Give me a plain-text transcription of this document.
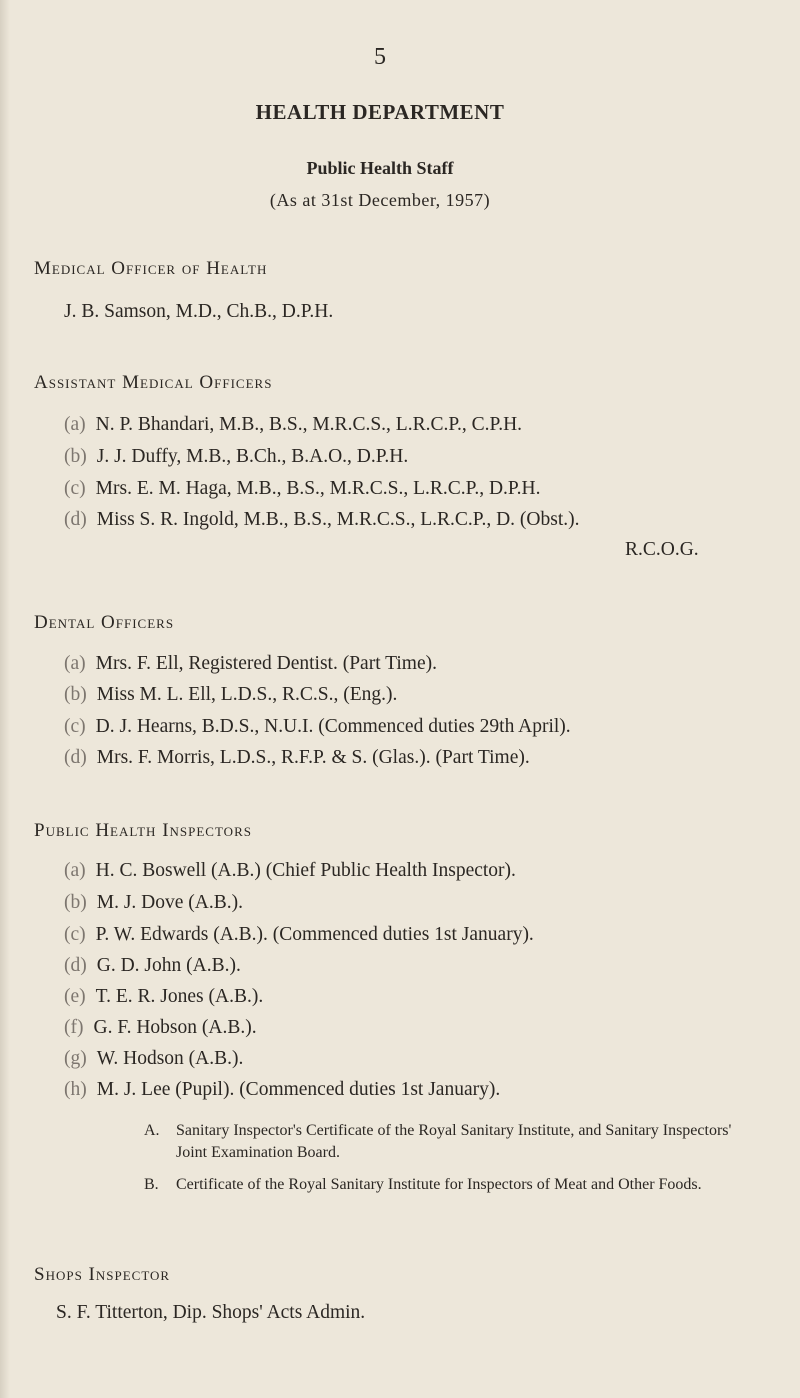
5
HEALTH DEPARTMENT
Public Health Staff
(As at 31st December, 1957)
Medical Officer of Health
J. B. Samson, M.D., Ch.B., D.P.H.
Assistant Medical Officers
(a) N. P. Bhandari, M.B., B.S., M.R.C.S., L.R.C.P., C.P.H.
(b) J. J. Duffy, M.B., B.Ch., B.A.O., D.P.H.
(c) Mrs. E. M. Haga, M.B., B.S., M.R.C.S., L.R.C.P., D.P.H.
(d) Miss S. R. Ingold, M.B., B.S., M.R.C.S., L.R.C.P., D. (Obst.).
R.C.O.G.
Dental Officers
(a) Mrs. F. Ell, Registered Dentist. (Part Time).
(b) Miss M. L. Ell, L.D.S., R.C.S., (Eng.).
(c) D. J. Hearns, B.D.S., N.U.I. (Commenced duties 29th April).
(d) Mrs. F. Morris, L.D.S., R.F.P. & S. (Glas.). (Part Time).
Public Health Inspectors
(a) H. C. Boswell (A.B.) (Chief Public Health Inspector).
(b) M. J. Dove (A.B.).
(c) P. W. Edwards (A.B.). (Commenced duties 1st January).
(d) G. D. John (A.B.).
(e) T. E. R. Jones (A.B.).
(f) G. F. Hobson (A.B.).
(g) W. Hodson (A.B.).
(h) M. J. Lee (Pupil). (Commenced duties 1st January).
A. Sanitary Inspector's Certificate of the Royal Sanitary Institute, and Sanitary Inspectors' Joint Examination Board.
B. Certificate of the Royal Sanitary Institute for Inspectors of Meat and Other Foods.
Shops Inspector
S. F. Titterton, Dip. Shops' Acts Admin.
